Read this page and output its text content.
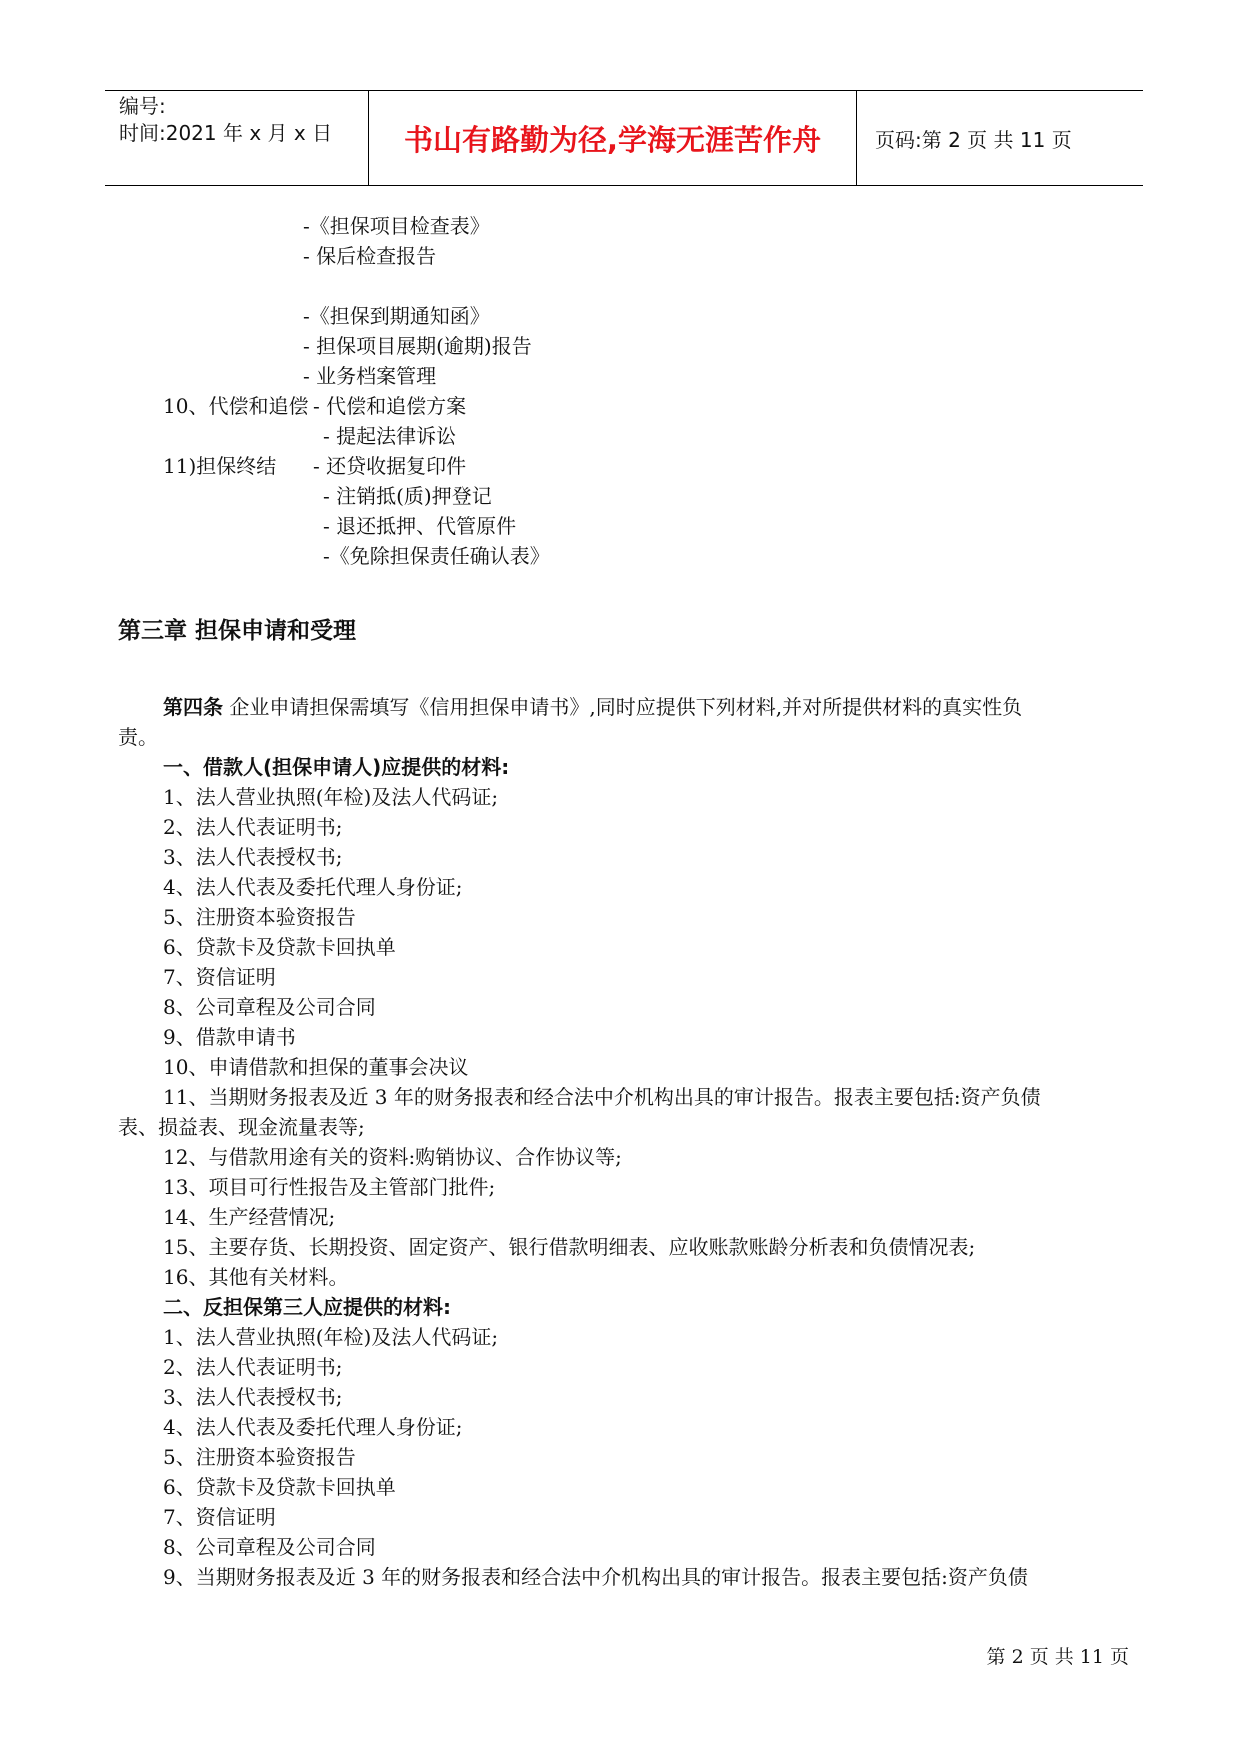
编号:
时间:2021 年 x 月 x 日	书山有路勤为径,学海无涯苦作舟	页码:第 2 页 共 11 页
-《担保项目检查表》
- 保后检查报告
-《担保到期通知函》
- 担保项目展期(逾期)报告
- 业务档案管理
10、代偿和追偿 - 代偿和追偿方案
- 提起法律诉讼
11)担保终结 - 还贷收据复印件
- 注销抵(质)押登记
- 退还抵押、代管原件
-《免除担保责任确认表》
第三章 担保申请和受理
第四条 企业申请担保需填写《信用担保申请书》,同时应提供下列材料,并对所提供材料的真实性负
责。
一、借款人(担保申请人)应提供的材料:
1、法人营业执照(年检)及法人代码证;
2、法人代表证明书;
3、法人代表授权书;
4、法人代表及委托代理人身份证;
5、注册资本验资报告
6、贷款卡及贷款卡回执单
7、资信证明
8、公司章程及公司合同
9、借款申请书
10、申请借款和担保的董事会决议
11、当期财务报表及近 3 年的财务报表和经合法中介机构出具的审计报告。报表主要包括:资产负债
表、损益表、现金流量表等;
12、与借款用途有关的资料:购销协议、合作协议等;
13、项目可行性报告及主管部门批件;
14、生产经营情况;
15、主要存货、长期投资、固定资产、银行借款明细表、应收账款账龄分析表和负债情况表;
16、其他有关材料。
二、反担保第三人应提供的材料:
1、法人营业执照(年检)及法人代码证;
2、法人代表证明书;
3、法人代表授权书;
4、法人代表及委托代理人身份证;
5、注册资本验资报告
6、贷款卡及贷款卡回执单
7、资信证明
8、公司章程及公司合同
9、当期财务报表及近 3 年的财务报表和经合法中介机构出具的审计报告。报表主要包括:资产负债
第 2 页 共 11 页
